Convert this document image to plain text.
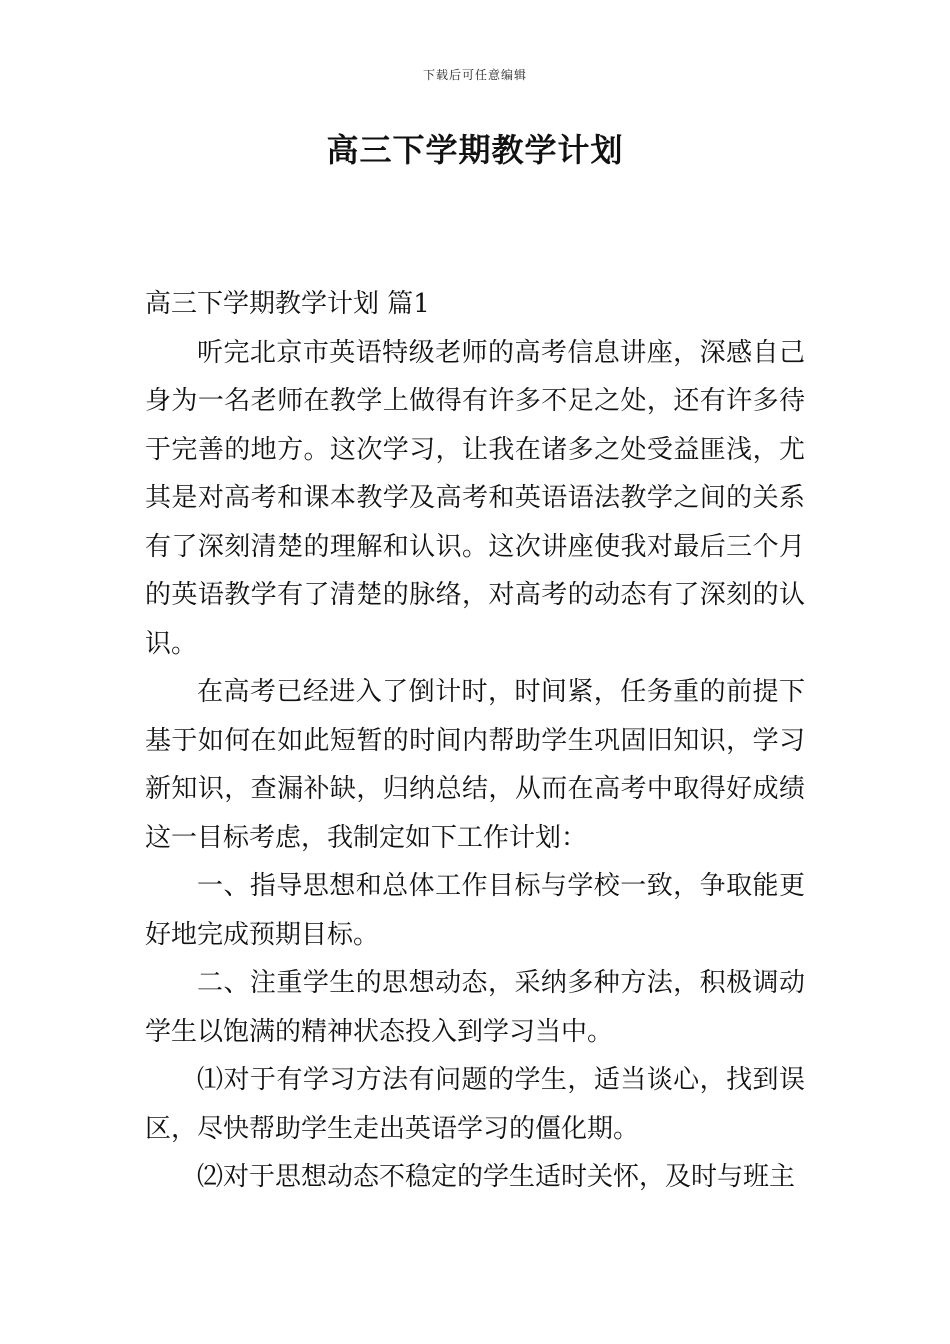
下载后可任意编辑
高三下学期教学计划
高三下学期教学计划 篇1

听完北京市英语特级老师的高考信息讲座，深感自己身为一名老师在教学上做得有许多不足之处，还有许多待于完善的地方。这次学习，让我在诸多之处受益匪浅，尤其是对高考和课本教学及高考和英语语法教学之间的关系有了深刻清楚的理解和认识。这次讲座使我对最后三个月的英语教学有了清楚的脉络，对高考的动态有了深刻的认识。

在高考已经进入了倒计时，时间紧，任务重的前提下基于如何在如此短暂的时间内帮助学生巩固旧知识，学习新知识，查漏补缺，归纳总结，从而在高考中取得好成绩这一目标考虑，我制定如下工作计划：

一、指导思想和总体工作目标与学校一致，争取能更好地完成预期目标。

二、注重学生的思想动态，采纳多种方法，积极调动学生以饱满的精神状态投入到学习当中。

⑴对于有学习方法有问题的学生，适当谈心，找到误区，尽快帮助学生走出英语学习的僵化期。

⑵对于思想动态不稳定的学生适时关怀，及时与班主
